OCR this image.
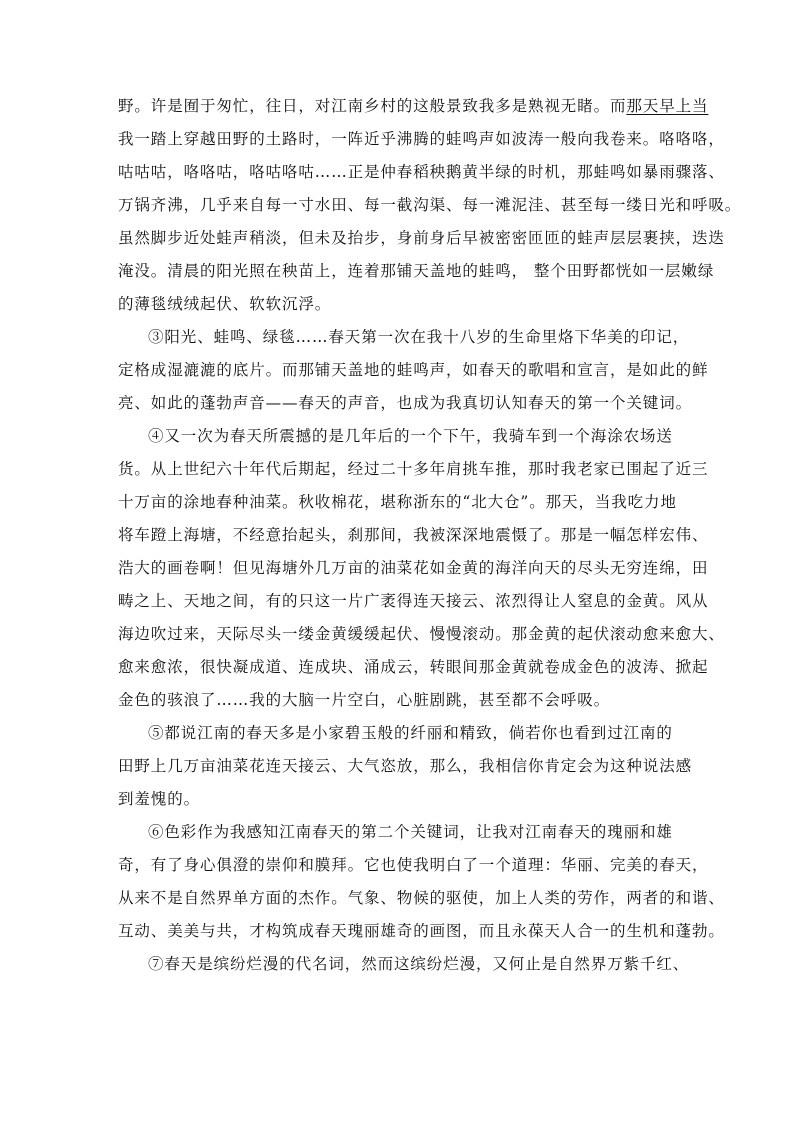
野。许是囿于匆忙，往日，对江南乡村的这般景致我多是熟视无睹。而那天早上当
我一踏上穿越田野的土路时，一阵近乎沸腾的蛙鸣声如波涛一般向我卷来。咯咯咯，
咕咕咕，咯咯咕，咯咕咯咕……正是仲春稻秧鹅黄半绿的时机，那蛙鸣如暴雨骤落、
万锅齐沸，几乎来自每一寸水田、每一截沟渠、每一滩泥洼、甚至每一缕日光和呼吸。
虽然脚步近处蛙声稍淡，但未及抬步，身前身后早被密密匝匝的蛙声层层裹挟，迭迭
淹没。清晨的阳光照在秧苗上，连着那铺天盖地的蛙鸣， 整个田野都恍如一层嫩绿
的薄毯绒绒起伏、软软沉浮。
③阳光、蛙鸣、绿毯……春天第一次在我十八岁的生命里烙下华美的印记，
定格成湿漉漉的底片。而那铺天盖地的蛙鸣声，如春天的歌唱和宣言，是如此的鲜
亮、如此的蓬勃声音——春天的声音，也成为我真切认知春天的第一个关键词。
④又一次为春天所震撼的是几年后的一个下午，我骑车到一个海涂农场送
货。从上世纪六十年代后期起，经过二十多年肩挑车推，那时我老家已围起了近三
十万亩的涂地春种油菜。秋收棉花，堪称浙东的“北大仓”。那天，当我吃力地
将车蹬上海塘，不经意抬起头，刹那间，我被深深地震慑了。那是一幅怎样宏伟、
浩大的画卷啊！但见海塘外几万亩的油菜花如金黄的海洋向天的尽头无穷连绵，田
畴之上、天地之间，有的只这一片广袤得连天接云、浓烈得让人窒息的金黄。风从
海边吹过来，天际尽头一缕金黄缓缓起伏、慢慢滚动。那金黄的起伏滚动愈来愈大、
愈来愈浓，很快凝成道、连成块、涌成云，转眼间那金黄就卷成金色的波涛、掀起
金色的骇浪了……我的大脑一片空白，心脏剧跳，甚至都不会呼吸。
⑤都说江南的春天多是小家碧玉般的纤丽和精致，倘若你也看到过江南的
田野上几万亩油菜花连天接云、大气恣放，那么，我相信你肯定会为这种说法感
到羞愧的。
⑥色彩作为我感知江南春天的第二个关键词，让我对江南春天的瑰丽和雄
奇，有了身心俱澄的崇仰和膜拜。它也使我明白了一个道理：华丽、完美的春天，
从来不是自然界单方面的杰作。气象、物候的驱使，加上人类的劳作，两者的和谐、
互动、美美与共，才构筑成春天瑰丽雄奇的画图，而且永葆天人合一的生机和蓬勃。
⑦春天是缤纷烂漫的代名词，然而这缤纷烂漫，又何止是自然界万紫千红、
